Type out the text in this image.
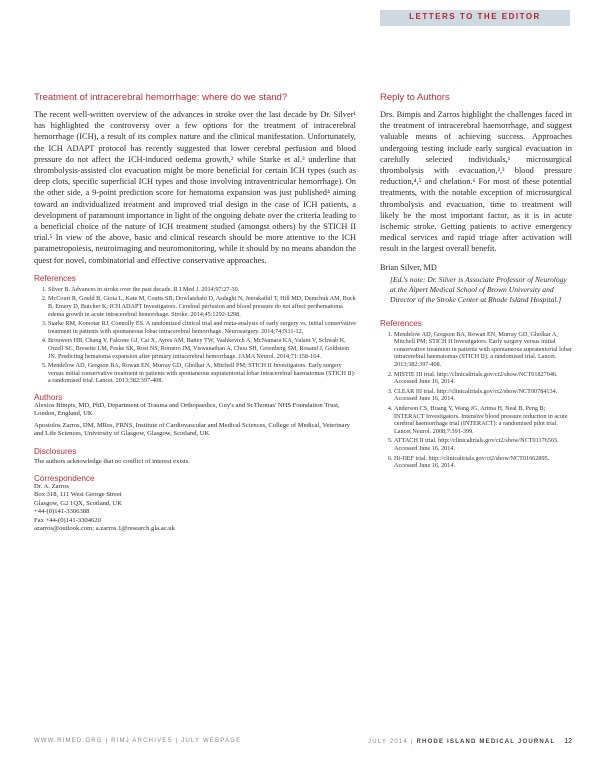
LETTERS TO THE EDITOR
Treatment of intracerebral hemorrhage: where do we stand?

The recent well-written overview of the advances in stroke over the last decade by Dr. Silver¹ has highlighted the controversy over a few options for the treatment of intracerebral hemorrhage (ICH), a result of its complex nature and the clinical manifestation. Unfortunately, the ICH ADAPT protocol has recently suggested that lower cerebral perfusion and blood pressure do not affect the ICH-induced oedema growth,² while Starke et al.³ underline that thrombolysis-assisted clot evacuation might be more beneficial for certain ICH types (such as deep clots, specific superficial ICH types and those involving intraventricular hemorrhage). On the other side, a 9-point prediction score for hematoma expansion was just published⁴ aiming toward an individualized treatment and improved trial design in the case of ICH patients, a development of paramount importance in light of the ongoing debate over the criteria leading to a beneficial choice of the nature of ICH treatment studied (amongst others) by the STICH II trial.⁵ In view of the above, basic and clinical research should be more attentive to the ICH parametropoiesis, neuroimaging and neuromonitoring, while it should by no means abandon the quest for novel, combinatorial and effective conservative approaches.

References
1. Silver B. Advances in stroke over the past decade. R I Med J. 2014;97:27-30.
2. McCourt R, Gould B, Gioia L, Kate M, Coutts SB, Dowlatshahi D, Asdaghi N, Jeerakathil T, Hill MD, Demchuk AM, Buck B, Emery D, Butcher K; ICH ADAPT Investigators. Cerebral perfusion and blood pressure do not affect perihematoma edema growth in acute intracerebral hemorrhage. Stroke. 2014;45:1292-1298.
3. Starke RM, Komotar RJ, Connolly ES. A randomized clinical trial and meta-analysis of early surgery vs. initial conservative treatment in patients with spontaneous lobar intracerebral hemorrhage. Neurosurgery. 2014;74:N11-12.
4. Brouwers HB, Chang Y, Falcone GJ, Cai X, Ayres AM, Battey TW, Vashkevich A, McNamara KA, Valant V, Schwab K, Orzell SC, Bresette LM, Feske SK, Rost NS, Romero JM, Viswanathan A, Chou SH, Greenberg SM, Rosand J, Goldstein JN. Predicting hematoma expansion after primary intracerebral hemorrhage. JAMA Neurol. 2014;71:158-164.
5. Mendelow AD, Gregson BA, Rowan EN, Murray GD, Gholkar A, Mitchell PM; STICH II Investigators. Early surgery versus initial conservative treatment in patients with spontaneous supratentorial lobar intracerebral haematomas (STICH II): a randomised trial. Lancet. 2013;382:397-408.
Authors

Alexios Bimpis, MD, PhD, Department of Trauma and Orthopaedics, Guy's and St Thomas' NHS Foundation Trust, London, England, UK

Apostolos Zarros, DM, MRes, FRNS, Institute of Cardiovascular and Medical Sciences, College of Medical, Veterinary and Life Sciences, University of Glasgow, Glasgow, Scotland, UK

Disclosures

The authors acknowledge that no conflict of interest exists.

Correspondence

Dr. A. Zarros

Box 318, 111 West George Street

Glasgow, G2 1QX, Scotland, UK

+44-(0)141-3306388

Fax +44-(0)141-3304620

azarros@outlook.com; a.zarros.1@research.gla.ac.uk

Reply to Authors

Drs. Bimpis and Zarros highlight the challenges faced in the treatment of intracerebral haemorrhage, and suggest valuable means of achieving success. Approaches undergoing testing include early surgical evacuation in carefully selected individuals,¹ microsurgical thrombolysis with evacuation,²,³ blood pressure reduction,⁴,⁵ and chelation.⁶ For most of these potential treatments, with the notable exception of microsurgical thrombolysis and evacuation, time to treatment will likely be the most important factor, as it is in acute ischemic stroke. Getting patients to active emergency medical services and rapid triage after activation will result in the largest overall benefit.

Brian Silver, MD

[Ed.'s note: Dr. Silver is Associate Professor of Neurology at the Alpert Medical School of Brown University and Director of the Stroke Center at Rhode Island Hospital.]

References
1. Mendelow AD, Gregson BA, Rowan EN, Murray GD, Gholkar A, Mitchell PM; STICH II Investigators. Early surgery versus initial conservative treatment in patients with spontaneous supratentorial lobar intracerebral haematomas (STICH II): a randomised trial. Lancet. 2013;382:397-408.
2. MISTIE III trial. http://clinicaltrials.gov/ct2/show/NCT01827046. Accessed June 16, 2014.
3. CLEAR III trial. http://clinicaltrials.gov/ct2/show/NCT00784134. Accessed June 16, 2014.
4. Anderson CS, Huang Y, Wang JG, Arima H, Neal B, Peng B; INTERACT Investigators. Intensive blood pressure reduction in acute cerebral haemorrhage trial (INTERACT): a randomised pilot trial. Lancet Neurol. 2008;7:391-399.
5. ATTACH II trial. http://clinicaltrials.gov/ct2/show/NCT01176565. Accessed June 16, 2014.
6. Hi-DEF trial. http://clinicaltrials.gov/ct2/show/NCT01662895. Accessed June 16, 2014.
WWW.RIMED.ORG | RIMJ ARCHIVES | JULY WEBPAGE	JULY 2014 | RHODE ISLAND MEDICAL JOURNAL 12
